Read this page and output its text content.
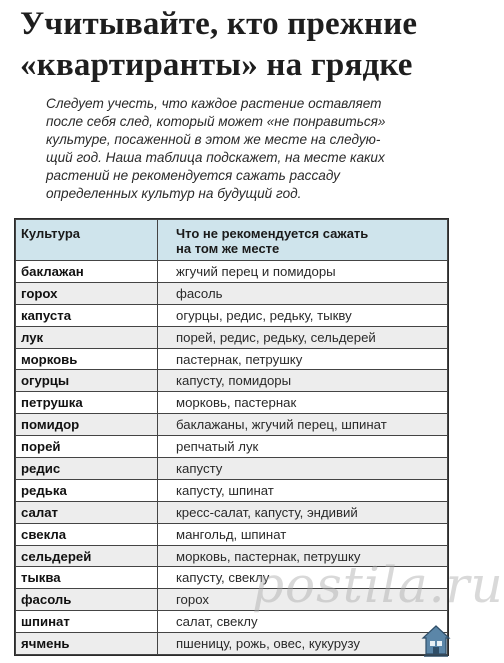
Учитывайте, кто прежние
«квартиранты» на грядке
Следует учесть, что каждое растение оставляет
после себя след, который может «не понравиться»
культуре, посаженной в этом же месте на следую-
щий год. Наша таблица подскажет, на месте каких
растений не рекомендуется сажать рассаду
определенных культур на будущий год.
Культура	Что не рекомендуется сажать
на том же месте
баклажан	жгучий перец и помидоры
горох	фасоль
капуста	огурцы, редис, редьку, тыкву
лук	порей, редис, редьку, сельдерей
морковь	пастернак, петрушку
огурцы	капусту, помидоры
петрушка	морковь, пастернак
помидор	баклажаны, жгучий перец, шпинат
порей	репчатый лук
редис	капусту
редька	капусту, шпинат
салат	кресс-салат, капусту, эндивий
свекла	мангольд, шпинат
сельдерей	морковь, пастернак, петрушку
тыква	капусту, свеклу
фасоль	горох
шпинат	салат, свеклу
ячмень	пшеницу, рожь, овес, кукурузу
postila.ru
